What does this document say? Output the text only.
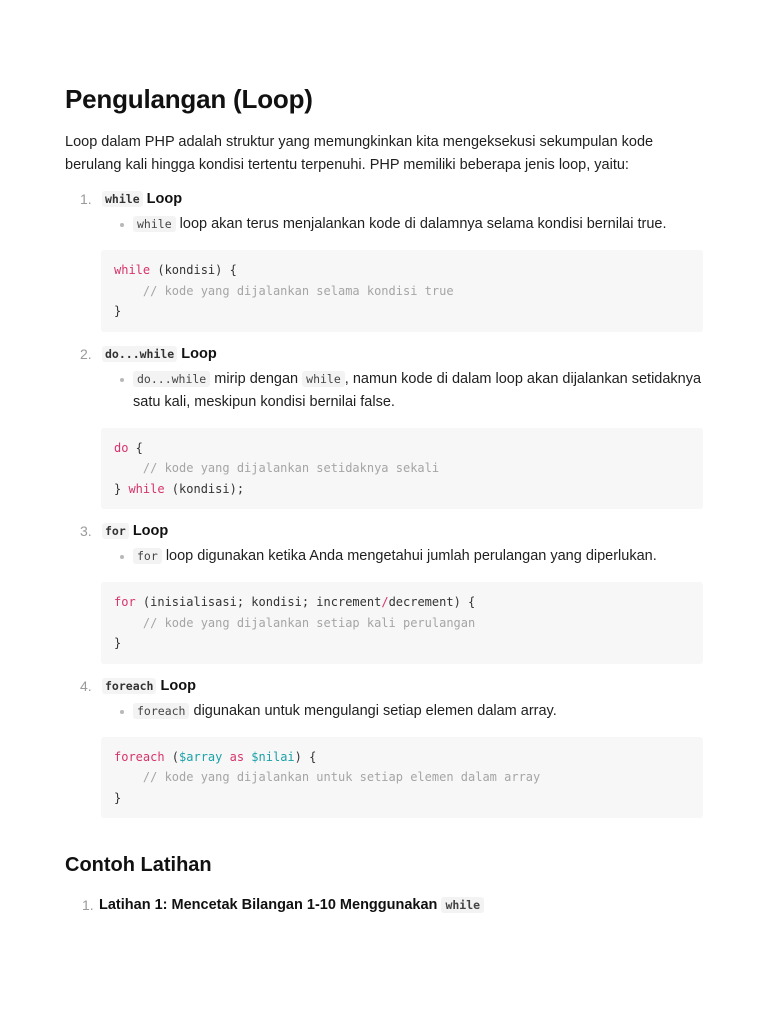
Pengulangan (Loop)

Loop dalam PHP adalah struktur yang memungkinkan kita mengeksekusi sekumpulan kode berulang kali hingga kondisi tertentu terpenuhi. PHP memiliki beberapa jenis loop, yaitu:

1. while Loop
while loop akan terus menjalankan kode di dalamnya selama kondisi bernilai true.
while (kondisi) {
// kode yang dijalankan selama kondisi true
}
2. do...while Loop
do...while mirip dengan while , namun kode di dalam loop akan dijalankan setidaknya satu kali, meskipun kondisi bernilai false.
do {
// kode yang dijalankan setidaknya sekali
} while (kondisi);
3. for Loop
for loop digunakan ketika Anda mengetahui jumlah perulangan yang diperlukan.
for (inisialisasi; kondisi; increment/decrement) {
// kode yang dijalankan setiap kali perulangan
}
4. foreach Loop
foreach digunakan untuk mengulangi setiap elemen dalam array.
foreach ($array as $nilai) {
// kode yang dijalankan untuk setiap elemen dalam array
}
Contoh Latihan
1. Latihan 1: Mencetak Bilangan 1-10 Menggunakan while
